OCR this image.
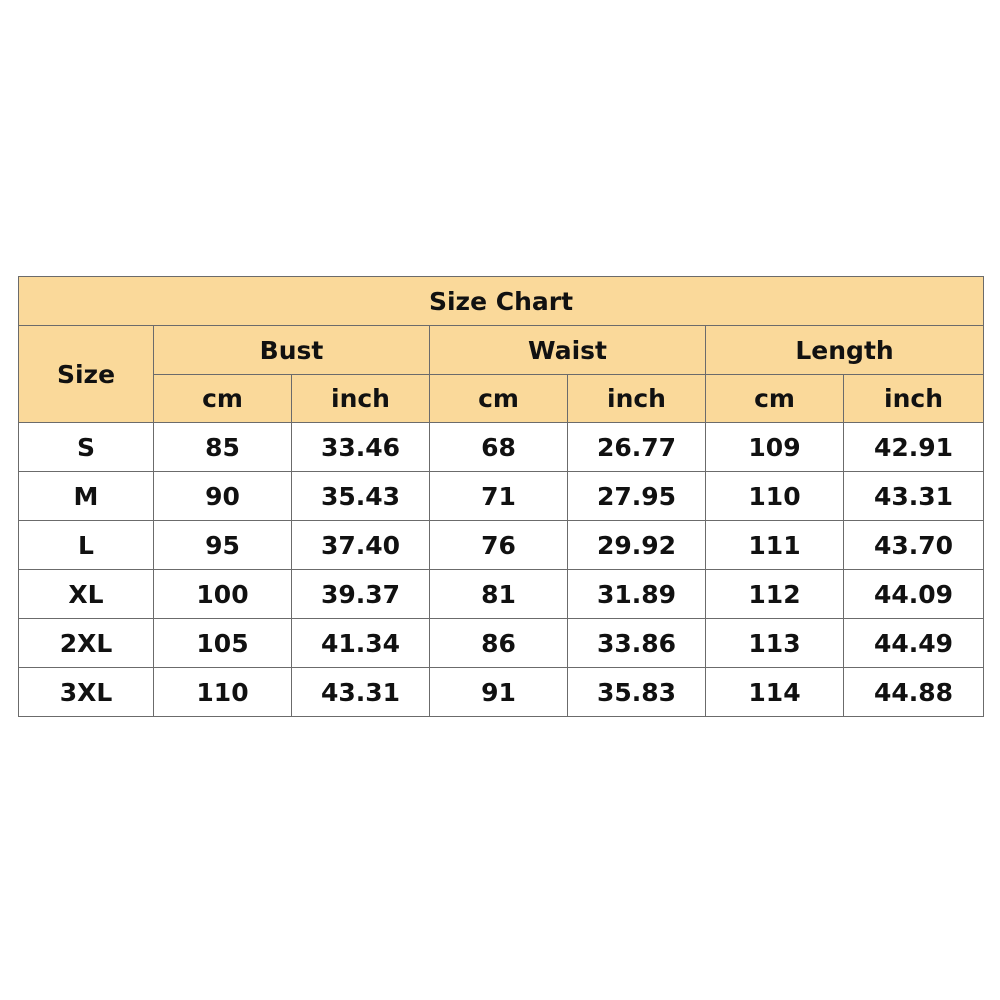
Size Chart						
Size	Bust		Waist		Length	
	cm	inch	cm	inch	cm	inch
S	85	33.46	68	26.77	109	42.91
M	90	35.43	71	27.95	110	43.31
L	95	37.40	76	29.92	111	43.70
XL	100	39.37	81	31.89	112	44.09
2XL	105	41.34	86	33.86	113	44.49
3XL	110	43.31	91	35.83	114	44.88
